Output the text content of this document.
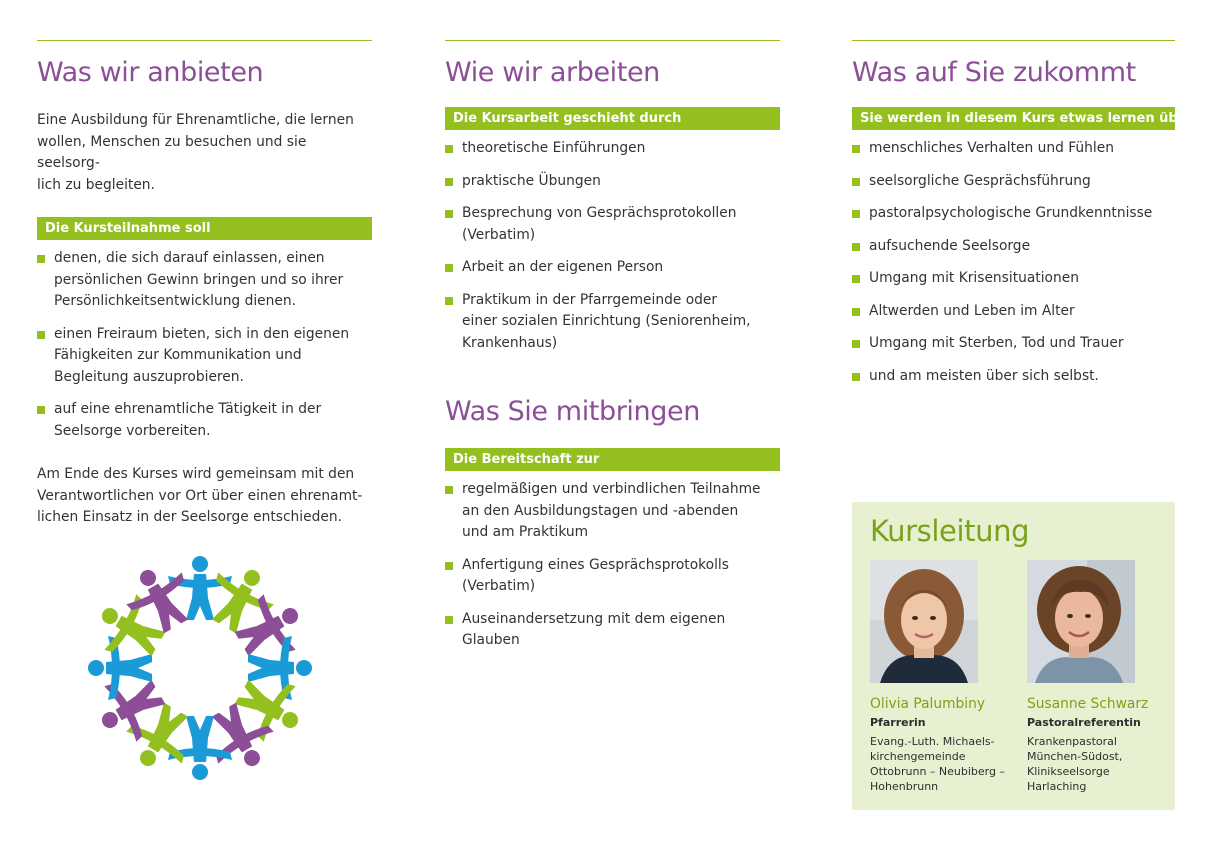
Was wir anbieten

Eine Ausbildung für Ehrenamtliche, die lernen
wollen, Menschen zu besuchen und sie seelsorg-
lich zu begleiten.

Die Kursteilnahme soll
denen, die sich darauf einlassen, einen
persönlichen Gewinn bringen und so ihrer
Persönlichkeitsentwicklung dienen.
einen Freiraum bieten, sich in den eigenen
Fähigkeiten zur Kommunikation und
Begleitung auszuprobieren.
auf eine ehrenamtliche Tätigkeit in der
Seelsorge vorbereiten.

Am Ende des Kurses wird gemeinsam mit den
Verantwortlichen vor Ort über einen ehrenamt-
lichen Einsatz in der Seelsorge entschieden.

Wie wir arbeiten
Die Kursarbeit geschieht durch
theoretische Einführungen
praktische Übungen
Besprechung von Gesprächsprotokollen
(Verbatim)
Arbeit an der eigenen Person
Praktikum in der Pfarrgemeinde oder
einer sozialen Einrichtung (Seniorenheim,
Krankenhaus)
Was Sie mitbringen
Die Bereitschaft zur
regelmäßigen und verbindlichen Teilnahme
an den Ausbildungstagen und -abenden
und am Praktikum
Anfertigung eines Gesprächsprotokolls
(Verbatim)
Auseinandersetzung mit dem eigenen
Glauben
Was auf Sie zukommt
Sie werden in diesem Kurs etwas lernen über
menschliches Verhalten und Fühlen
seelsorgliche Gesprächsführung
pastoralpsychologische Grundkenntnisse
aufsuchende Seelsorge
Umgang mit Krisensituationen
Altwerden und Leben im Alter
Umgang mit Sterben, Tod und Trauer
und am meisten über sich selbst.
Kursleitung
Olivia Palumbiny
Pfarrerin
Evang.-Luth. Michaels-
kirchengemeinde
Ottobrunn – Neubiberg –
Hohenbrunn
Susanne Schwarz
Pastoralreferentin
Krankenpastoral
München-Südost,
Klinikseelsorge
Harlaching
